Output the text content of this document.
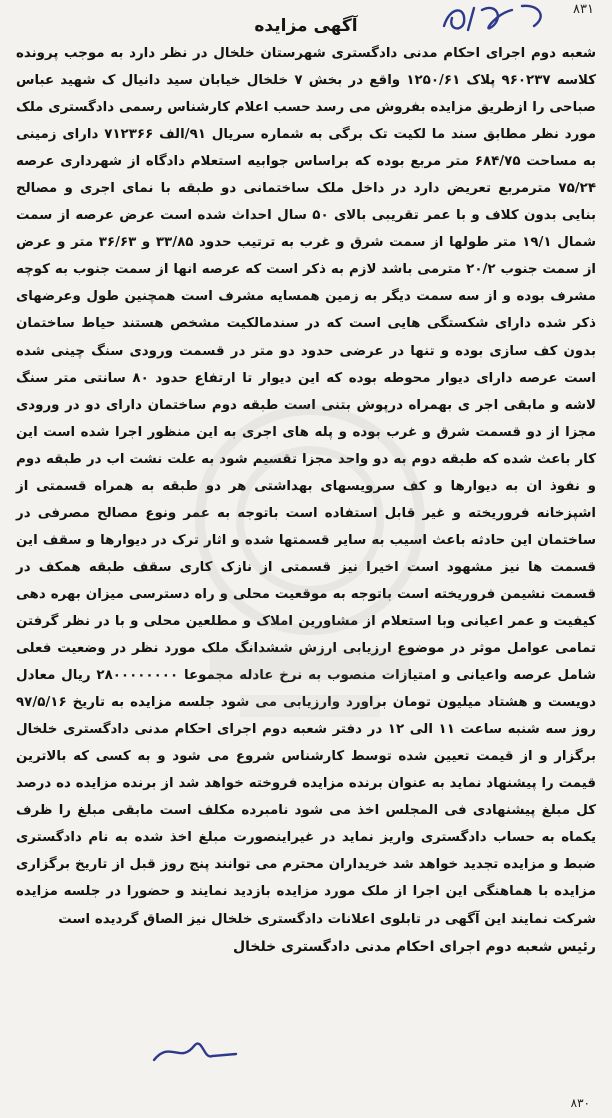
۸۳۱
آگهی مزایده

شعبه دوم اجرای احکام مدنی دادگستری شهرستان خلخال در نظر دارد به موجب پرونده کلاسه ۹۶۰۲۳۷ پلاک ۱۲۵۰/۶۱ واقع در بخش ۷ خلخال خیابان سید دانیال ک شهید عباس صباحی را ازطریق مزایده بفروش می رسد حسب اعلام کارشناس رسمی دادگستری ملک مورد نظر مطابق سند ما لکیت تک برگی به شماره سریال ۹۱/الف ۷۱۲۳۶۶ دارای زمینی به مساحت ۶۸۴/۷۵ متر مربع بوده که براساس جوابیه استعلام دادگاه از شهرداری عرصه ۷۵/۲۴ مترمربع تعریض دارد در داخل ملک ساختمانی دو طبقه با نمای اجری و مصالح بنایی بدون کلاف و با عمر تقریبی بالای ۵۰ سال احداث شده است عرض عرصه از سمت شمال ۱۹/۱ متر طولها از سمت شرق و غرب به ترتیب حدود ۳۳/۸۵ و ۳۶/۶۳ متر و عرض از سمت جنوب ۲۰/۲ مترمی باشد لازم به ذکر است که عرصه انها از سمت جنوب به کوچه مشرف بوده و از سه سمت دیگر به زمین همسایه مشرف است همچنین طول وعرضهای ذکر شده دارای شکستگی هایی است که در سندمالکیت مشخص هستند حیاط ساختمان بدون کف سازی بوده و تنها در عرضی حدود دو متر در قسمت ورودی سنگ چینی شده است عرصه دارای دیوار محوطه بوده که این دیوار تا ارتفاع حدود ۸۰ سانتی متر سنگ لاشه و مابقی اجر ی بهمراه درپوش بتنی است طبقه دوم ساختمان دارای دو در ورودی مجزا از دو قسمت شرق و غرب بوده و پله های اجری به این منظور اجرا شده است این کار باعث شده که طبقه دوم به دو واحد مجزا تقسیم شود به علت نشت اب در طبقه دوم و نفوذ ان به دیوارها و کف سرویسهای بهداشتی هر دو طبقه به همراه قسمتی از اشپزخانه فروریخته و غیر قابل استفاده است باتوجه به عمر ونوع مصالح مصرفی در ساختمان این حادثه باعث اسیب به سایر قسمتها شده و اثار ترک در دیوارها و سقف این قسمت ها نیز مشهود است اخیرا نیز قسمتی از نازک کاری سقف طبقه همکف در قسمت نشیمن فروریخته است باتوجه به موقعیت محلی و راه دسترسی میزان بهره دهی کیفیت و عمر اعیانی وبا استعلام از مشاورین املاک و مطلعین محلی و با در نظر گرفتن تمامی عوامل موثر در موضوع ارزیابی ارزش ششدانگ ملک مورد نظر در وضعیت فعلی شامل عرصه واعیانی و امتیازات منصوب به نرخ عادله مجموعا ۲۸۰۰۰۰۰۰۰۰ ریال معادل دویست و هشتاد میلیون تومان براورد وارزیابی می شود جلسه مزایده به تاریخ ۹۷/۵/۱۶ روز سه شنبه ساعت ۱۱ الی ۱۲ در دفتر شعبه دوم اجرای احکام مدنی دادگستری خلخال برگزار و از قیمت تعیین شده توسط کارشناس شروع می شود و به کسی که بالاترین قیمت را پیشنهاد نماید به عنوان برنده مزایده فروخته خواهد شد از برنده مزایده ده درصد کل مبلغ پیشنهادی فی المجلس اخذ می شود نامبرده مکلف است مابقی مبلغ را ظرف یکماه به حساب دادگستری واریز نماید در غیراینصورت مبلغ اخذ شده به نام دادگستری ضبط و مزایده تجدید خواهد شد خریداران محترم می توانند پنج روز قبل از تاریخ برگزاری مزایده با هماهنگی این اجرا از ملک مورد مزایده بازدید نمایند و حضورا در جلسه مزایده شرکت نمایند این آگهی در تابلوی اعلانات دادگستری خلخال نیز الصاق گردیده است

رئیس شعبه دوم اجرای احکام مدنی دادگستری خلخال
۸۳۰
